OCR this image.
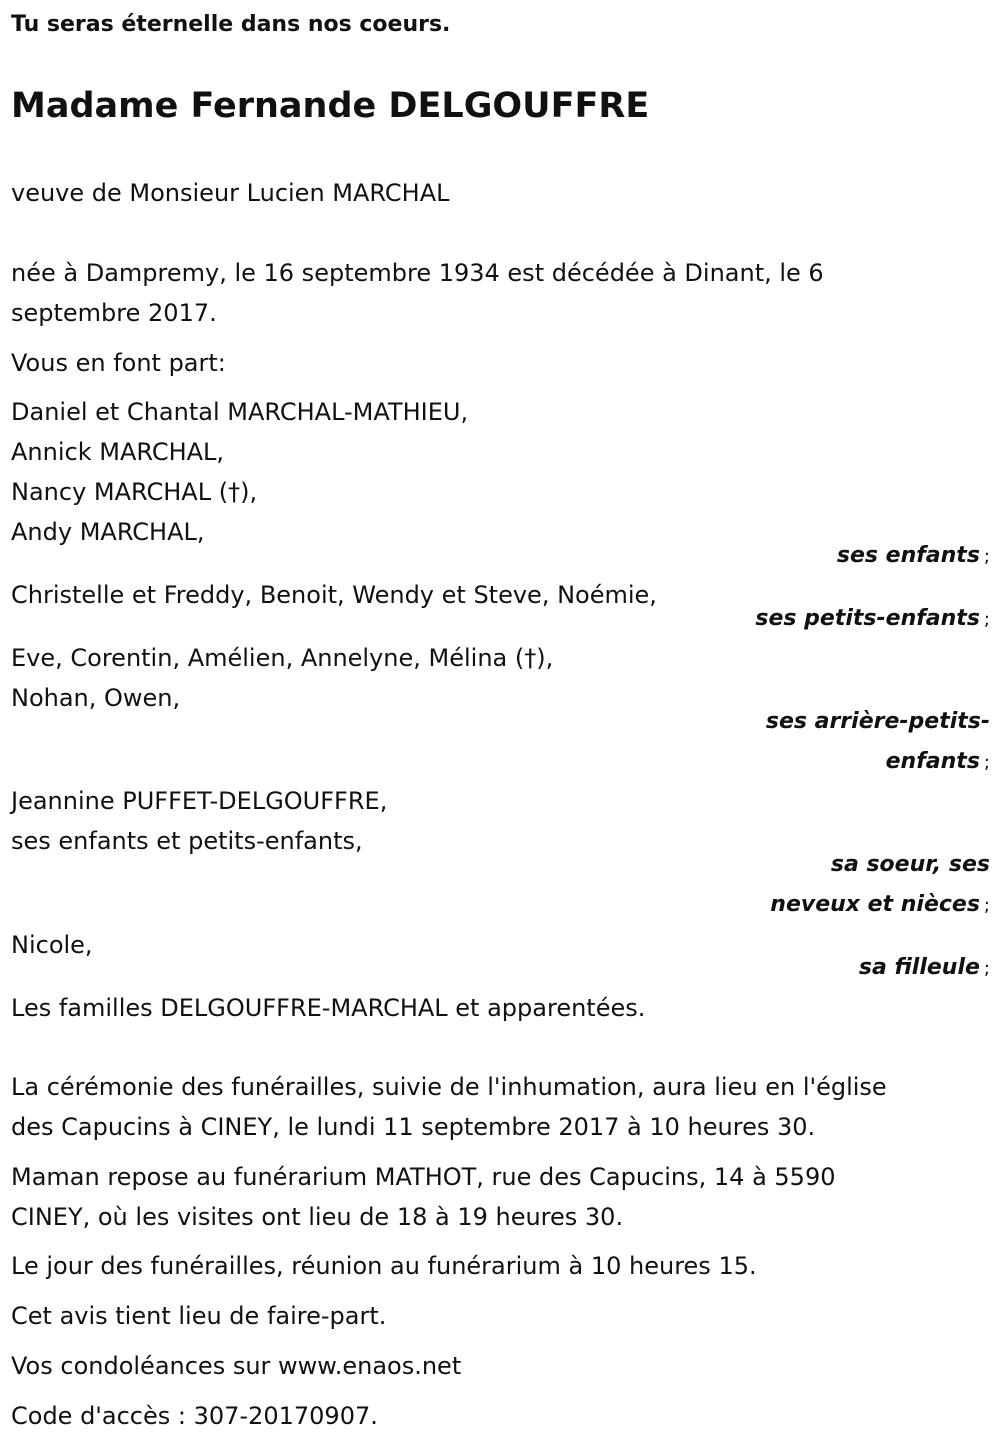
Tu seras éternelle dans nos coeurs.
Madame Fernande DELGOUFFRE
veuve de Monsieur Lucien MARCHAL
née à Dampremy, le 16 septembre 1934 est décédée à Dinant, le 6
septembre 2017.
Vous en font part:
Daniel et Chantal MARCHAL-MATHIEU,
Annick MARCHAL,
Nancy MARCHAL (†),
Andy MARCHAL,
ses enfants ;
Christelle et Freddy, Benoit, Wendy et Steve, Noémie,
ses petits-enfants ;
Eve, Corentin, Amélien, Annelyne, Mélina (†),
Nohan, Owen,
ses arrière-petits-
enfants ;
Jeannine PUFFET-DELGOUFFRE,
ses enfants et petits-enfants,
sa soeur, ses
neveux et nièces ;
Nicole,
sa filleule ;
Les familles DELGOUFFRE-MARCHAL et apparentées.
La cérémonie des funérailles, suivie de l'inhumation, aura lieu en l'église
des Capucins à CINEY, le lundi 11 septembre 2017 à 10 heures 30.
Maman repose au funérarium MATHOT, rue des Capucins, 14 à 5590
CINEY, où les visites ont lieu de 18 à 19 heures 30.
Le jour des funérailles, réunion au funérarium à 10 heures 15.
Cet avis tient lieu de faire-part.
Vos condoléances sur www.enaos.net
Code d'accès : 307-20170907.
